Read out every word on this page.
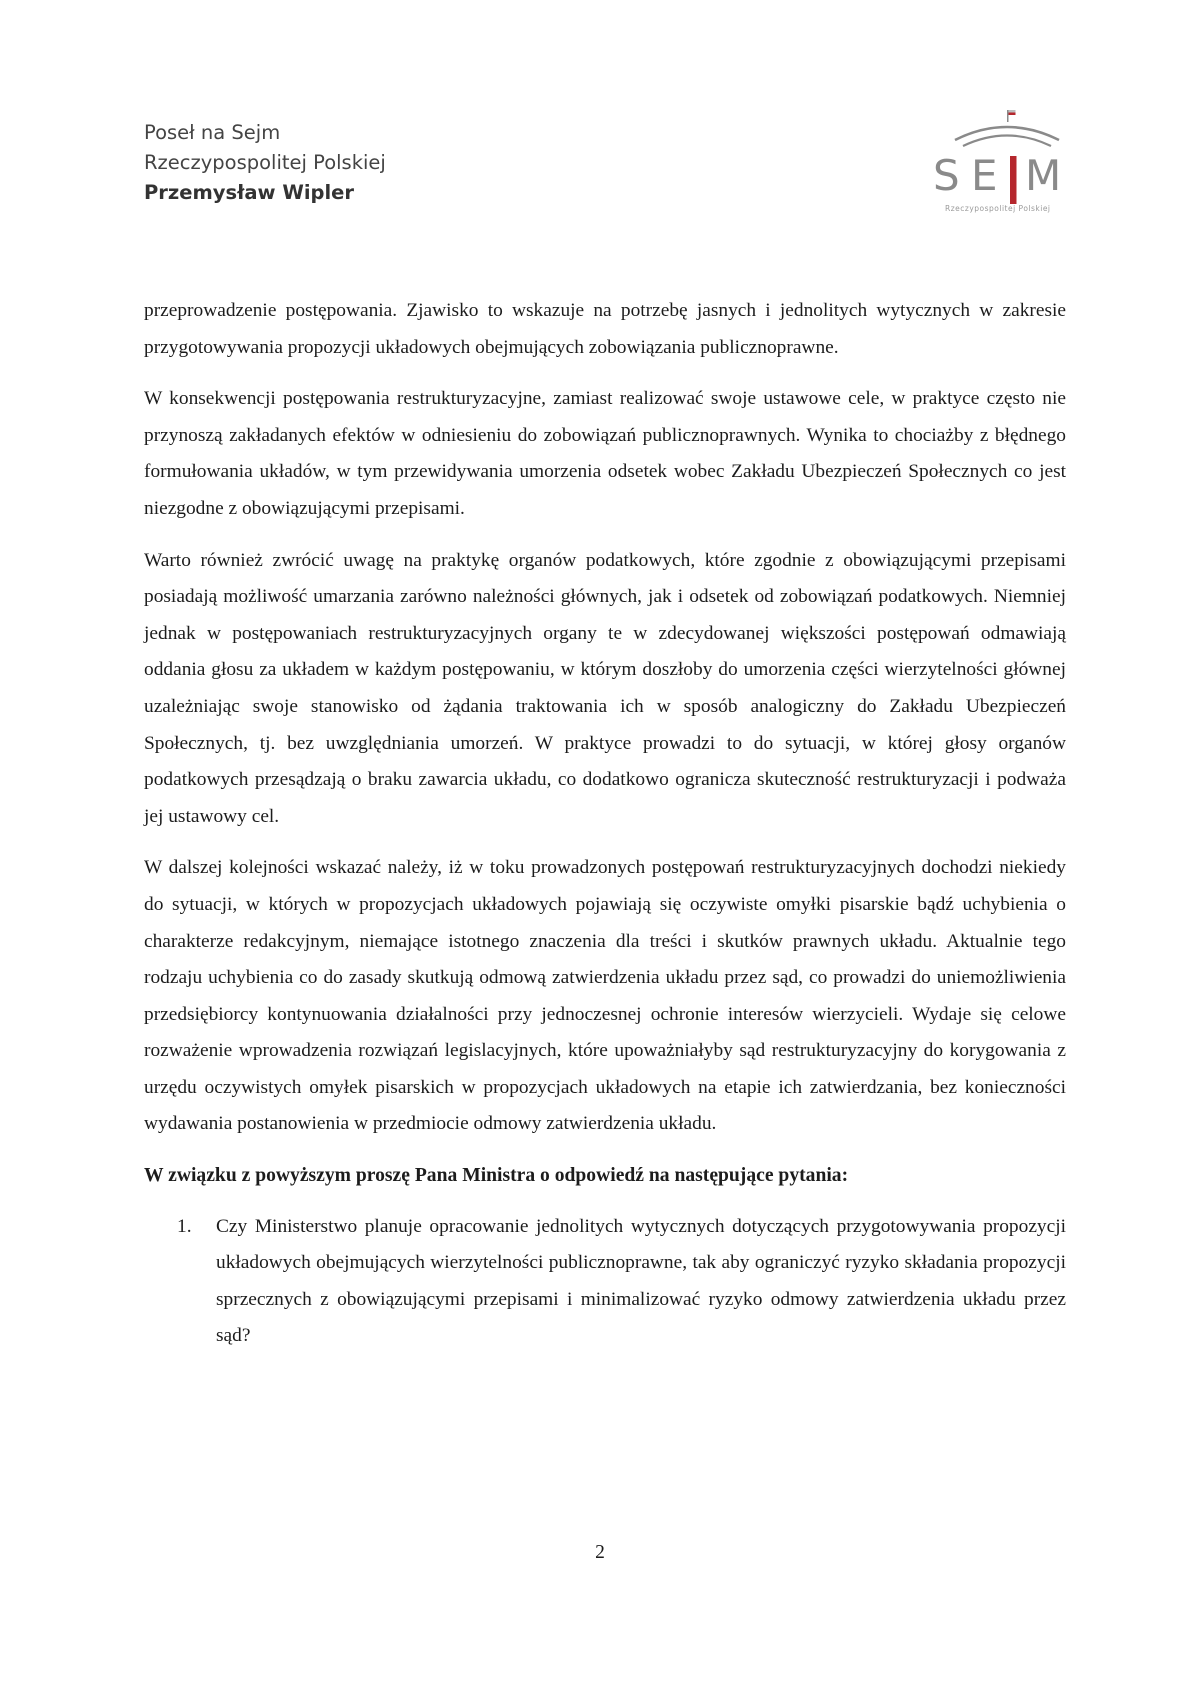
Poseł na Sejm
Rzeczypospolitej Polskiej
Przemysław Wipler	S E M
Rzeczypospolitej Polskiej

przeprowadzenie postępowania. Zjawisko to wskazuje na potrzebę jasnych i jednolitych wytycznych w zakresie przygotowywania propozycji układowych obejmujących zobowiązania publicznoprawne.

W konsekwencji postępowania restrukturyzacyjne, zamiast realizować swoje ustawowe cele, w praktyce często nie przynoszą zakładanych efektów w odniesieniu do zobowiązań publicznoprawnych. Wynika to chociażby z błędnego formułowania układów, w tym przewidywania umorzenia odsetek wobec Zakładu Ubezpieczeń Społecznych co jest niezgodne z obowiązującymi przepisami.

Warto również zwrócić uwagę na praktykę organów podatkowych, które zgodnie z obowiązującymi przepisami posiadają możliwość umarzania zarówno należności głównych, jak i odsetek od zobowiązań podatkowych. Niemniej jednak w postępowaniach restrukturyzacyjnych organy te w zdecydowanej większości postępowań odmawiają oddania głosu za układem w każdym postępowaniu, w którym doszłoby do umorzenia części wierzytelności głównej uzależniając swoje stanowisko od żądania traktowania ich w sposób analogiczny do Zakładu Ubezpieczeń Społecznych, tj. bez uwzględniania umorzeń. W praktyce prowadzi to do sytuacji, w której głosy organów podatkowych przesądzają o braku zawarcia układu, co dodatkowo ogranicza skuteczność restrukturyzacji i podważa jej ustawowy cel.

W dalszej kolejności wskazać należy, iż w toku prowadzonych postępowań restrukturyzacyjnych dochodzi niekiedy do sytuacji, w których w propozycjach układowych pojawiają się oczywiste omyłki pisarskie bądź uchybienia o charakterze redakcyjnym, niemające istotnego znaczenia dla treści i skutków prawnych układu. Aktualnie tego rodzaju uchybienia co do zasady skutkują odmową zatwierdzenia układu przez sąd, co prowadzi do uniemożliwienia przedsiębiorcy kontynuowania działalności przy jednoczesnej ochronie interesów wierzycieli. Wydaje się celowe rozważenie wprowadzenia rozwiązań legislacyjnych, które upoważniałyby sąd restrukturyzacyjny do korygowania z urzędu oczywistych omyłek pisarskich w propozycjach układowych na etapie ich zatwierdzania, bez konieczności wydawania postanowienia w przedmiocie odmowy zatwierdzenia układu.

W związku z powyższym proszę Pana Ministra o odpowiedź na następujące pytania:

1. Czy Ministerstwo planuje opracowanie jednolitych wytycznych dotyczących przygotowywania propozycji układowych obejmujących wierzytelności publicznoprawne, tak aby ograniczyć ryzyko składania propozycji sprzecznych z obowiązującymi przepisami i minimalizować ryzyko odmowy zatwierdzenia układu przez sąd?
2
